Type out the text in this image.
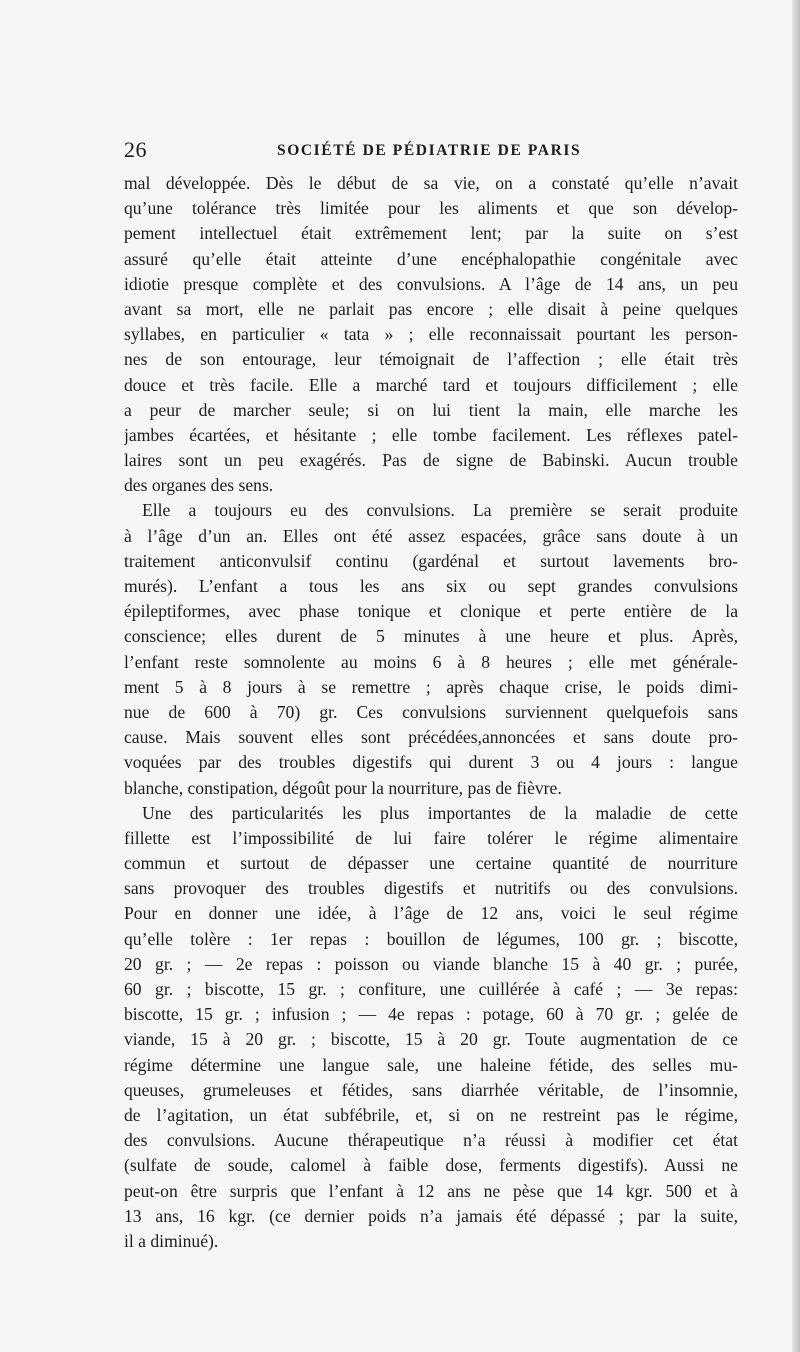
26	SOCIÉTÉ DE PÉDIATRIE DE PARIS
mal développée. Dès le début de sa vie, on a constaté qu’elle n’avait
qu’une tolérance très limitée pour les aliments et que son dévelop-
pement intellectuel était extrêmement lent; par la suite on s’est
assuré qu’elle était atteinte d’une encéphalopathie congénitale avec
idiotie presque complète et des convulsions. A l’âge de 14 ans, un peu
avant sa mort, elle ne parlait pas encore ; elle disait à peine quelques
syllabes, en particulier « tata » ; elle reconnaissait pourtant les person-
nes de son entourage, leur témoignait de l’affection ; elle était très
douce et très facile. Elle a marché tard et toujours difficilement ; elle
a peur de marcher seule; si on lui tient la main, elle marche les
jambes écartées, et hésitante ; elle tombe facilement. Les réflexes patel-
laires sont un peu exagérés. Pas de signe de Babinski. Aucun trouble
des organes des sens.
Elle a toujours eu des convulsions. La première se serait produite
à l’âge d’un an. Elles ont été assez espacées, grâce sans doute à un
traitement anticonvulsif continu (gardénal et surtout lavements bro-
murés). L’enfant a tous les ans six ou sept grandes convulsions
épileptiformes, avec phase tonique et clonique et perte entière de la
conscience; elles durent de 5 minutes à une heure et plus. Après,
l’enfant reste somnolente au moins 6 à 8 heures ; elle met générale-
ment 5 à 8 jours à se remettre ; après chaque crise, le poids dimi-
nue de 600 à 70) gr. Ces convulsions surviennent quelquefois sans
cause. Mais souvent elles sont précédées,annoncées et sans doute pro-
voquées par des troubles digestifs qui durent 3 ou 4 jours : langue
blanche, constipation, dégoût pour la nourriture, pas de fièvre.
Une des particularités les plus importantes de la maladie de cette
fillette est l’impossibilité de lui faire tolérer le régime alimentaire
commun et surtout de dépasser une certaine quantité de nourriture
sans provoquer des troubles digestifs et nutritifs ou des convulsions.
Pour en donner une idée, à l’âge de 12 ans, voici le seul régime
qu’elle tolère : 1er repas : bouillon de légumes, 100 gr. ; biscotte,
20 gr. ; — 2e repas : poisson ou viande blanche 15 à 40 gr. ; purée,
60 gr. ; biscotte, 15 gr. ; confiture, une cuillérée à café ; — 3e repas:
biscotte, 15 gr. ; infusion ; — 4e repas : potage, 60 à 70 gr. ; gelée de
viande, 15 à 20 gr. ; biscotte, 15 à 20 gr. Toute augmentation de ce
régime détermine une langue sale, une haleine fétide, des selles mu-
queuses, grumeleuses et fétides, sans diarrhée véritable, de l’insomnie,
de l’agitation, un état subfébrile, et, si on ne restreint pas le régime,
des convulsions. Aucune thérapeutique n’a réussi à modifier cet état
(sulfate de soude, calomel à faible dose, ferments digestifs). Aussi ne
peut-on être surpris que l’enfant à 12 ans ne pèse que 14 kgr. 500 et à
13 ans, 16 kgr. (ce dernier poids n’a jamais été dépassé ; par la suite,
il a diminué).
